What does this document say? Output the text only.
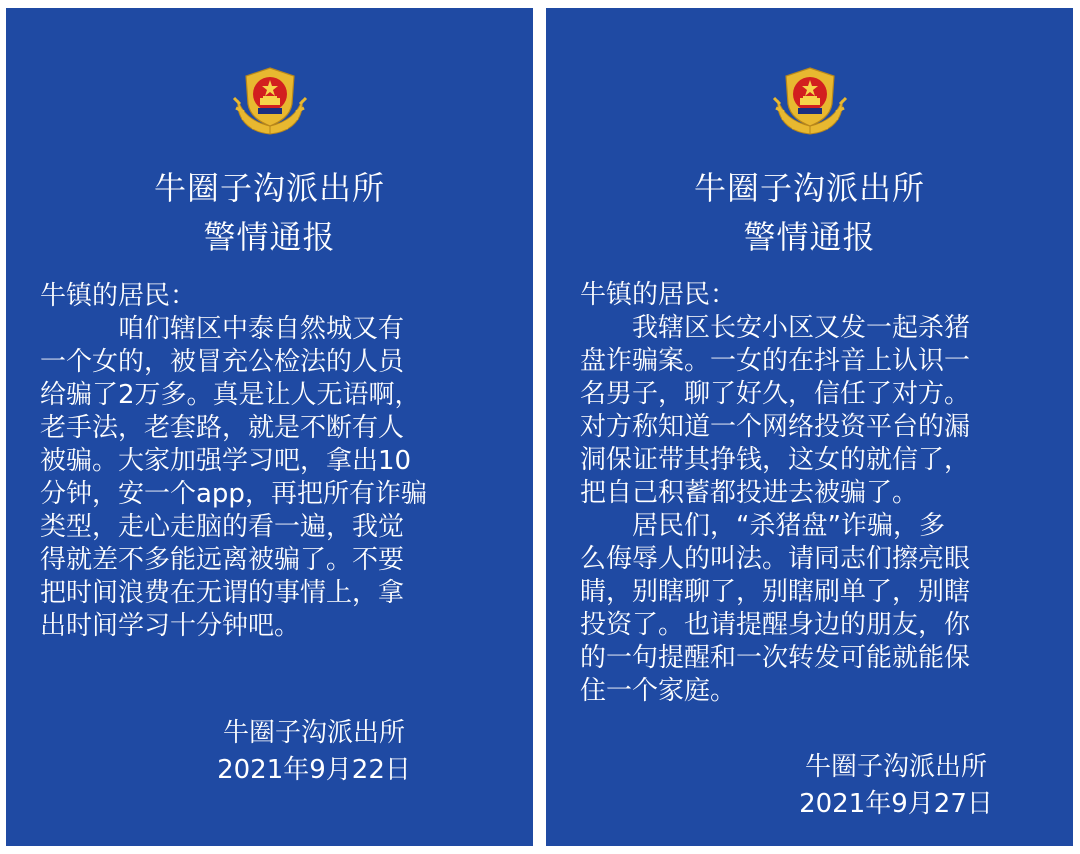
牛圈子沟派出所
警情通报
牛镇的居民：
　　　咱们辖区中泰自然城又有
一个女的，被冒充公检法的人员
给骗了2万多。真是让人无语啊，
老手法，老套路，就是不断有人
被骗。大家加强学习吧，拿出10
分钟，安一个app，再把所有诈骗
类型，走心走脑的看一遍，我觉
得就差不多能远离被骗了。不要
把时间浪费在无谓的事情上，拿
出时间学习十分钟吧。
牛圈子沟派出所
2021年9月22日
牛圈子沟派出所
警情通报
牛镇的居民：
　　我辖区长安小区又发一起杀猪
盘诈骗案。一女的在抖音上认识一
名男子，聊了好久，信任了对方。
对方称知道一个网络投资平台的漏
洞保证带其挣钱，这女的就信了，
把自己积蓄都投进去被骗了。
　　居民们，“杀猪盘”诈骗，多
么侮辱人的叫法。请同志们擦亮眼
睛，别瞎聊了，别瞎刷单了，别瞎
投资了。也请提醒身边的朋友，你
的一句提醒和一次转发可能就能保
住一个家庭。
牛圈子沟派出所
2021年9月27日
